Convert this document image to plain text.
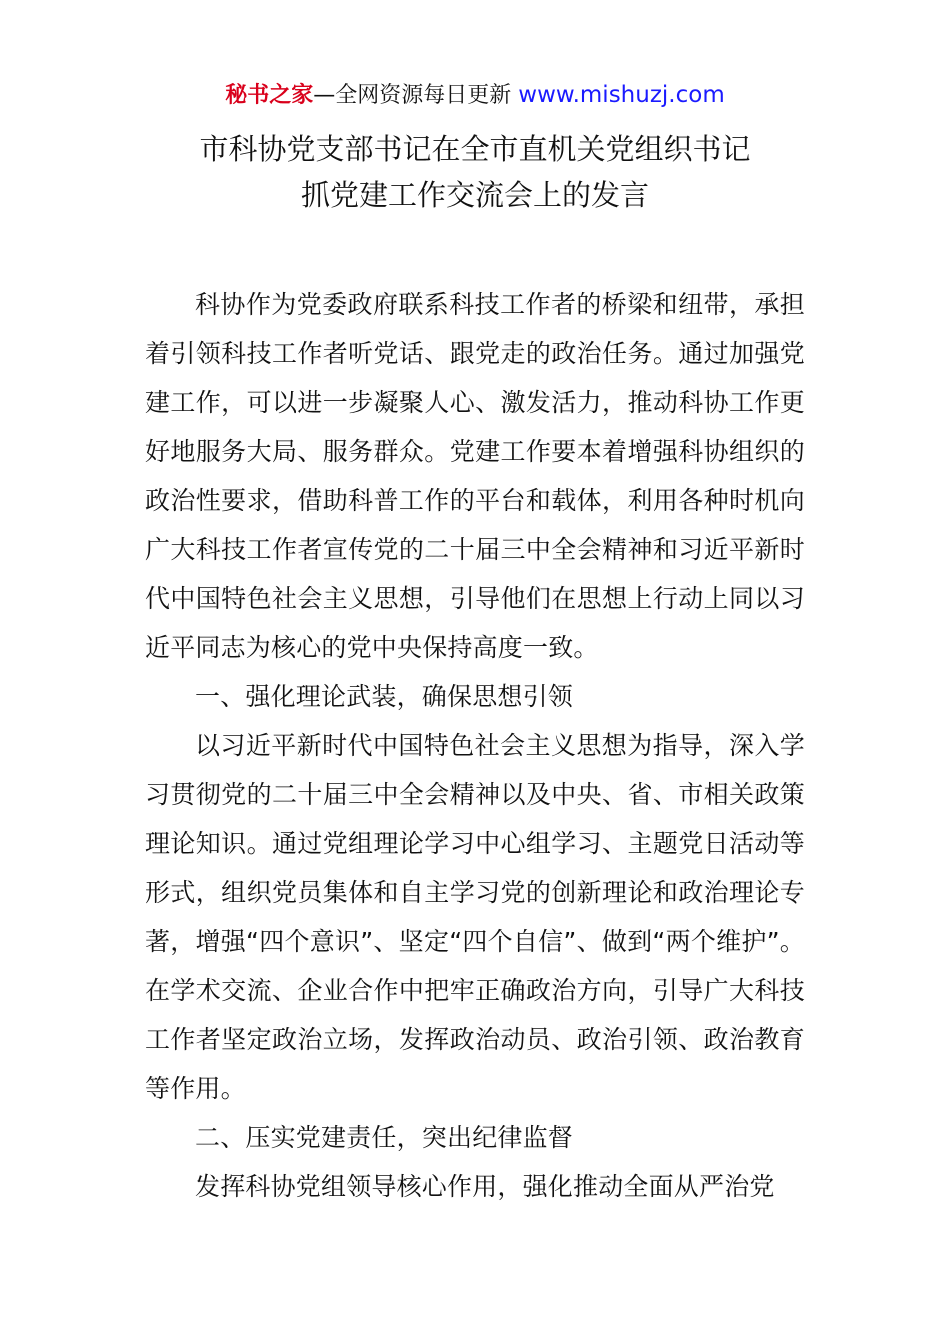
秘书之家—全网资源每日更新 www.mishuzj.com
市科协党支部书记在全市直机关党组织书记
抓党建工作交流会上的发言

科协作为党委政府联系科技工作者的桥梁和纽带，承担着引领科技工作者听党话、跟党走的政治任务。通过加强党建工作，可以进一步凝聚人心、激发活力，推动科协工作更好地服务大局、服务群众。党建工作要本着增强科协组织的政治性要求，借助科普工作的平台和载体，利用各种时机向广大科技工作者宣传党的二十届三中全会精神和习近平新时代中国特色社会主义思想，引导他们在思想上行动上同以习近平同志为核心的党中央保持高度一致。

一、强化理论武装，确保思想引领

以习近平新时代中国特色社会主义思想为指导，深入学习贯彻党的二十届三中全会精神以及中央、省、市相关政策理论知识。通过党组理论学习中心组学习、主题党日活动等形式，组织党员集体和自主学习党的创新理论和政治理论专著，增强“四个意识”、坚定“四个自信”、做到“两个维护”。在学术交流、企业合作中把牢正确政治方向，引导广大科技工作者坚定政治立场，发挥政治动员、政治引领、政治教育等作用。

二、压实党建责任，突出纪律监督

发挥科协党组领导核心作用，强化推动全面从严治党
